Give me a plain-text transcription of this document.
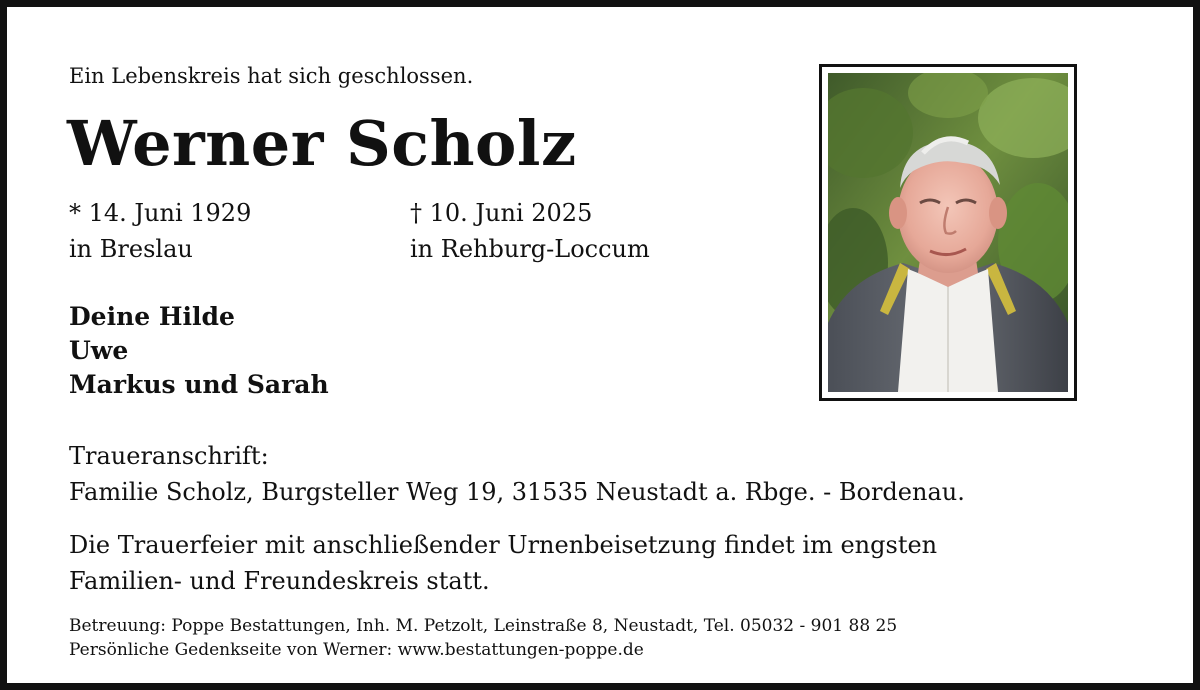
Ein Lebenskreis hat sich geschlossen.
Werner Scholz
* 14. Juni 1929
in Breslau
† 10. Juni 2025
in Rehburg-Loccum
Deine Hilde
Uwe
Markus und Sarah
Traueranschrift:
Familie Scholz, Burgsteller Weg 19, 31535 Neustadt a. Rbge. - Bordenau.
Die Trauerfeier mit anschließender Urnenbeisetzung findet im engsten
Familien- und Freundeskreis statt.
Betreuung: Poppe Bestattungen, Inh. M. Petzolt, Leinstraße 8, Neustadt, Tel. 05032 - 901 88 25
Persönliche Gedenkseite von Werner: www.bestattungen-poppe.de
